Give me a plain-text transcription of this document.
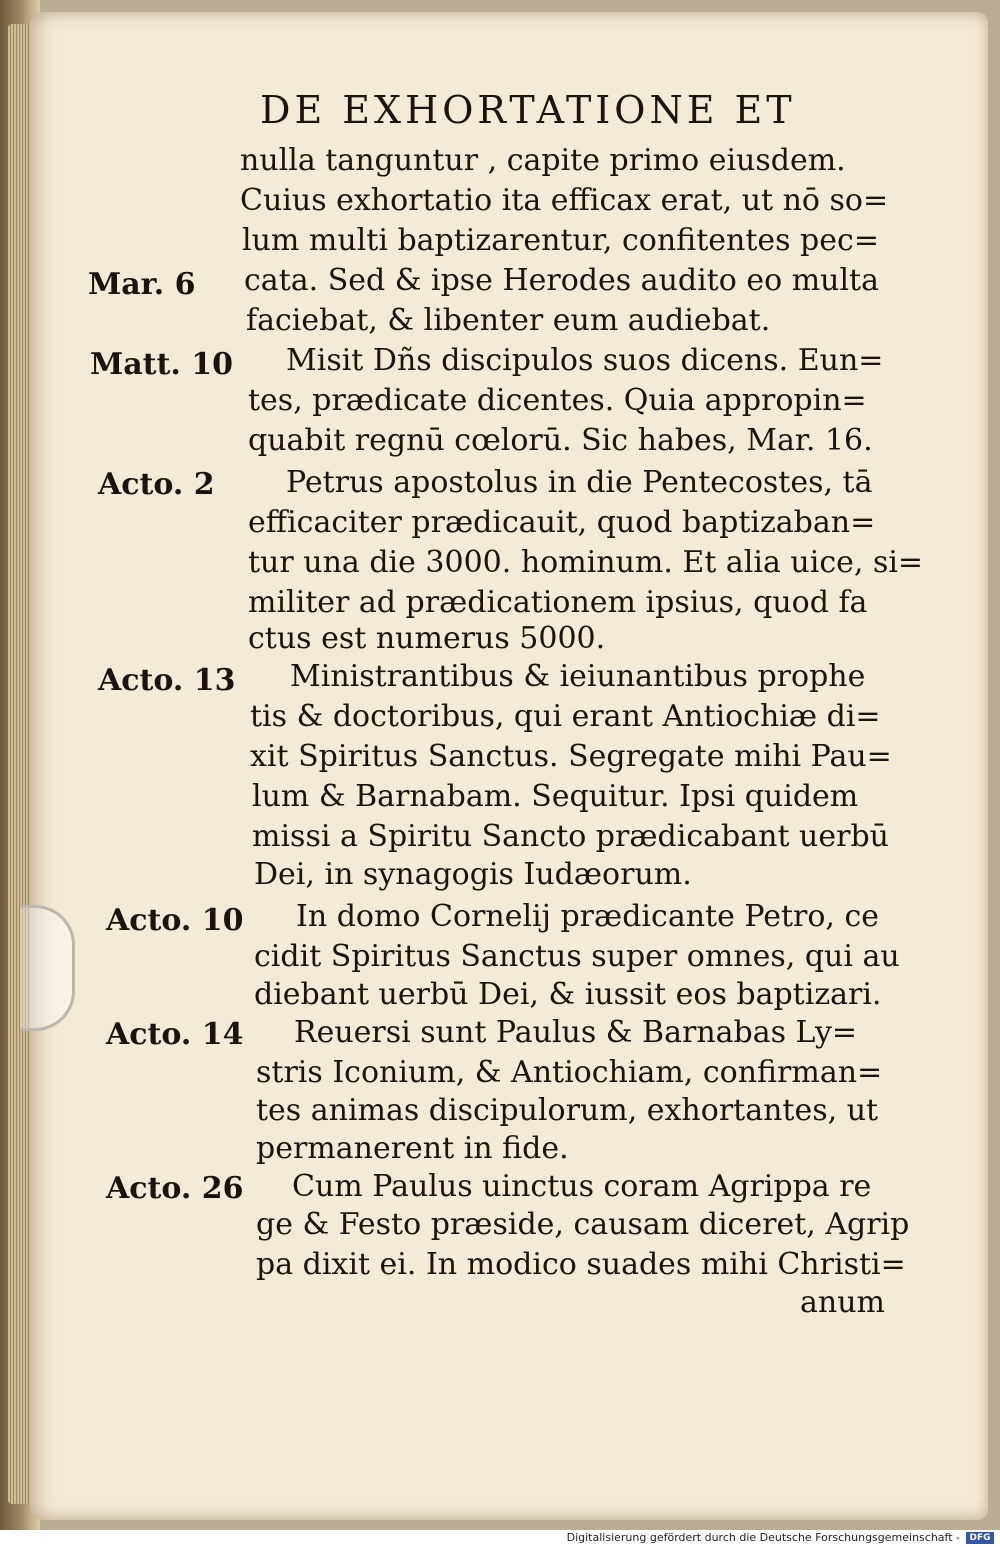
DE EXHORTATIONE ET
nulla tanguntur , capite primo eiusdem.
Cuius exhortatio ita efficax erat, ut nō so=
lum multi baptizarentur, confitentes pec=
cata. Sed & ipse Herodes audito eo multa
faciebat, & libenter eum audiebat.
Misit Dñs discipulos suos dicens. Eun=
tes, prædicate dicentes. Quia appropin=
quabit regnū cœlorū. Sic habes, Mar. 16.
Petrus apostolus in die Pentecostes, tā
efficaciter prædicauit, quod baptizaban=
tur una die 3000. hominum. Et alia uice, si=
militer ad prædicationem ipsius, quod fa
ctus est numerus 5000.
Ministrantibus & ieiunantibus prophe
tis & doctoribus, qui erant Antiochiæ di=
xit Spiritus Sanctus. Segregate mihi Pau=
lum & Barnabam. Sequitur. Ipsi quidem
missi a Spiritu Sancto prædicabant uerbū
Dei, in synagogis Iudæorum.
In domo Cornelij prædicante Petro, ce
cidit Spiritus Sanctus super omnes, qui au
diebant uerbū Dei, & iussit eos baptizari.
Reuersi sunt Paulus & Barnabas Ly=
stris Iconium, & Antiochiam, confirman=
tes animas discipulorum, exhortantes, ut
permanerent in fide.
Cum Paulus uinctus coram Agrippa re
ge & Festo præside, causam diceret, Agrip
pa dixit ei. In modico suades mihi Christi=
anum
Mar. 6
Matt. 10
Acto. 2
Acto. 13
Acto. 10
Acto. 14
Acto. 26
Digitalisierung gefördert durch die Deutsche Forschungsgemeinschaft -	DFG
